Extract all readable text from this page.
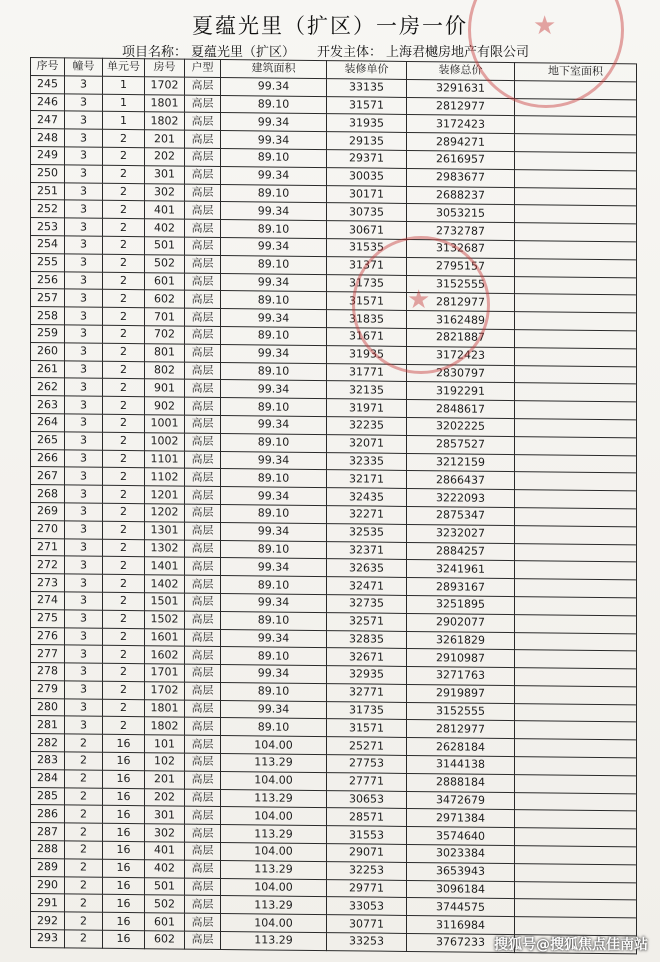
夏蕴光里（扩区）一房一价
项目名称： 夏蕴光里（扩区） 开发主体： 上海君樾房地产有限公司
序号	幢号	单元号	房号	户型	建筑面积	装修单价	装修总价	地下室面积
245	3	1	1702	高层	99.34	33135	3291631	
246	3	1	1801	高层	89.10	31571	2812977	
247	3	1	1802	高层	99.34	31935	3172423	
248	3	2	201	高层	99.34	29135	2894271	
249	3	2	202	高层	89.10	29371	2616957	
250	3	2	301	高层	99.34	30035	2983677	
251	3	2	302	高层	89.10	30171	2688237	
252	3	2	401	高层	99.34	30735	3053215	
253	3	2	402	高层	89.10	30671	2732787	
254	3	2	501	高层	99.34	31535	3132687	
255	3	2	502	高层	89.10	31371	2795157	
256	3	2	601	高层	99.34	31735	3152555	
257	3	2	602	高层	89.10	31571	2812977	
258	3	2	701	高层	99.34	31835	3162489	
259	3	2	702	高层	89.10	31671	2821887	
260	3	2	801	高层	99.34	31935	3172423	
261	3	2	802	高层	89.10	31771	2830797	
262	3	2	901	高层	99.34	32135	3192291	
263	3	2	902	高层	89.10	31971	2848617	
264	3	2	1001	高层	99.34	32235	3202225	
265	3	2	1002	高层	89.10	32071	2857527	
266	3	2	1101	高层	99.34	32335	3212159	
267	3	2	1102	高层	89.10	32171	2866437	
268	3	2	1201	高层	99.34	32435	3222093	
269	3	2	1202	高层	89.10	32271	2875347	
270	3	2	1301	高层	99.34	32535	3232027	
271	3	2	1302	高层	89.10	32371	2884257	
272	3	2	1401	高层	99.34	32635	3241961	
273	3	2	1402	高层	89.10	32471	2893167	
274	3	2	1501	高层	99.34	32735	3251895	
275	3	2	1502	高层	89.10	32571	2902077	
276	3	2	1601	高层	99.34	32835	3261829	
277	3	2	1602	高层	89.10	32671	2910987	
278	3	2	1701	高层	99.34	32935	3271763	
279	3	2	1702	高层	89.10	32771	2919897	
280	3	2	1801	高层	99.34	31735	3152555	
281	3	2	1802	高层	89.10	31571	2812977	
282	2	16	101	高层	104.00	25271	2628184	
283	2	16	102	高层	113.29	27753	3144138	
284	2	16	201	高层	104.00	27771	2888184	
285	2	16	202	高层	113.29	30653	3472679	
286	2	16	301	高层	104.00	28571	2971384	
287	2	16	302	高层	113.29	31553	3574640	
288	2	16	401	高层	104.00	29071	3023384	
289	2	16	402	高层	113.29	32253	3653943	
290	2	16	501	高层	104.00	29771	3096184	
291	2	16	502	高层	113.29	33053	3744575	
292	2	16	601	高层	104.00	30771	3116984	
293	2	16	602	高层	113.29	33253	3767233	
★
★
搜狐号@搜狐焦点佳南站
